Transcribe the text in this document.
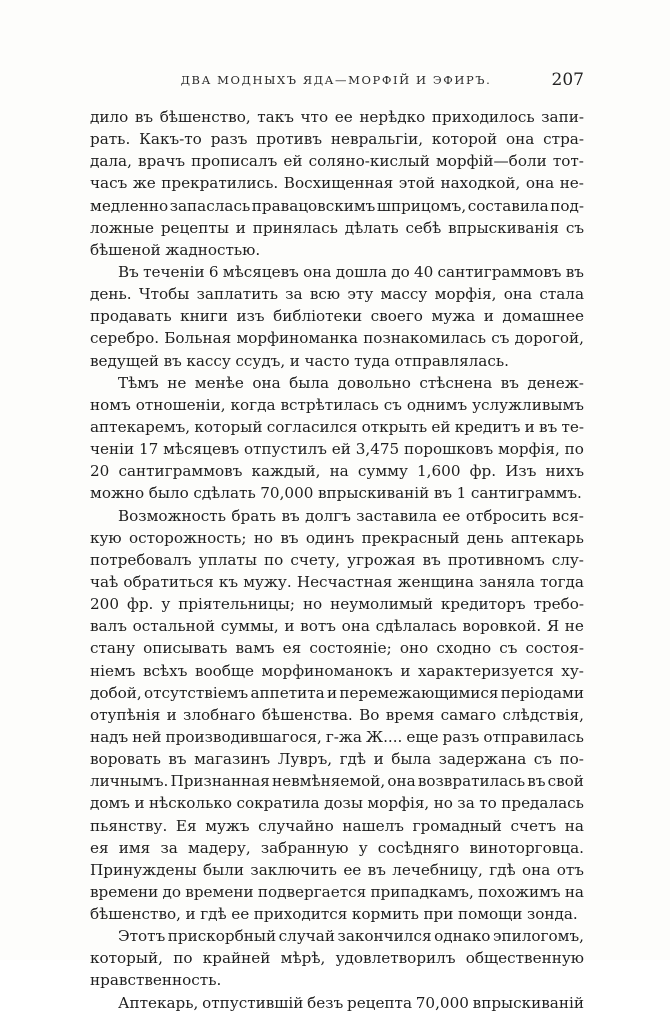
ДВА МОДНЫХЪ ЯДА—МОРФІЙ И ЭФИРЪ.	207
дило въ бѣшенство, такъ что ее нерѣдко приходилось запи-
рать. Какъ-то разъ противъ невральгіи, которой она стра-
дала, врачъ прописалъ ей соляно-кислый морфій—боли тот-
часъ же прекратились. Восхищенная этой находкой, она не-
медленно запаслась правацовскимъ шприцомъ, составила под-
ложные рецепты и принялась дѣлать себѣ впрыскиванія съ
бѣшеной жадностью.
Въ теченіи 6 мѣсяцевъ она дошла до 40 сантиграммовъ въ
день. Чтобы заплатить за всю эту массу морфія, она стала
продавать книги изъ библіотеки своего мужа и домашнее
серебро. Больная морфиноманка познакомилась съ дорогой,
ведущей въ кассу ссудъ, и часто туда отправлялась.
Тѣмъ не менѣе она была довольно стѣснена въ денеж-
номъ отношеніи, когда встрѣтилась съ однимъ услужливымъ
аптекаремъ, который согласился открыть ей кредитъ и въ те-
ченіи 17 мѣсяцевъ отпустилъ ей 3,475 порошковъ морфія, по
20 сантиграммовъ каждый, на сумму 1,600 фр. Изъ нихъ
можно было сдѣлать 70,000 впрыскиваній въ 1 сантиграммъ.
Возможность брать въ долгъ заставила ее отбросить вся-
кую осторожность; но въ одинъ прекрасный день аптекарь
потребовалъ уплаты по счету, угрожая въ противномъ слу-
чаѣ обратиться къ мужу. Несчастная женщина заняла тогда
200 фр. у пріятельницы; но неумолимый кредиторъ требо-
валъ остальной суммы, и вотъ она сдѣлалась воровкой. Я не
стану описывать вамъ ея состояніе; оно сходно съ состоя-
ніемъ всѣхъ вообще морфиноманокъ и характеризуется ху-
добой, отсутствіемъ аппетита и перемежающимися періодами
отупѣнія и злобнаго бѣшенства. Во время самаго слѣдствія,
надъ ней производившагося, г-жа Ж.... еще разъ отправилась
воровать въ магазинъ Лувръ, гдѣ и была задержана съ по-
личнымъ. Признанная невмѣняемой, она возвратилась въ свой
домъ и нѣсколько сократила дозы морфія, но за то предалась
пьянству. Ея мужъ случайно нашелъ громадный счетъ на
ея имя за мадеру, забранную у сосѣдняго виноторговца.
Принуждены были заключить ее въ лечебницу, гдѣ она отъ
времени до времени подвергается припадкамъ, похожимъ на
бѣшенство, и гдѣ ее приходится кормить при помощи зонда.
Этотъ прискорбный случай закончился однако эпилогомъ,
который, по крайней мѣрѣ, удовлетворилъ общественную
нравственность.
Аптекарь, отпустившій безъ рецепта 70,000 впрыскиваній
